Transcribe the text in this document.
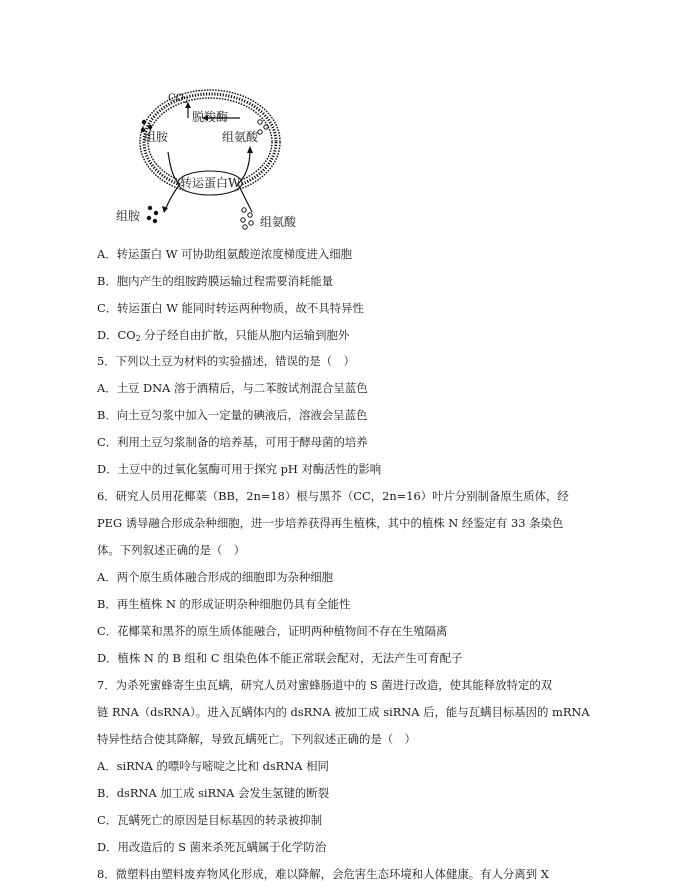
$CO_2$
脱羧酶
组胺	组氨酸
转运蛋白W
组胺	组氨酸
A．转运蛋白 W 可协助组氨酸逆浓度梯度进入细胞
B．胞内产生的组胺跨膜运输过程需要消耗能量
C．转运蛋白 W 能同时转运两种物质，故不具特异性
D．$CO_2$ 分子经自由扩散，只能从胞内运输到胞外
5．下列以土豆为材料的实验描述，错误的是（　）
A．土豆 DNA 溶于酒精后，与二苯胺试剂混合呈蓝色
B．向土豆匀浆中加入一定量的碘液后，溶液会呈蓝色
C．利用土豆匀浆制备的培养基，可用于酵母菌的培养
D．土豆中的过氧化氢酶可用于探究 pH 对酶活性的影响
6．研究人员用花椰菜（BB，2n=18）根与黑芥（CC，2n=16）叶片分别制备原生质体，经
PEG 诱导融合形成杂种细胞，进一步培养获得再生植株，其中的植株 N 经鉴定有 33 条染色
体。下列叙述正确的是（　）
A．两个原生质体融合形成的细胞即为杂种细胞
B．再生植株 N 的形成证明杂种细胞仍具有全能性
C．花椰菜和黑芥的原生质体能融合，证明两种植物间不存在生殖隔离
D．植株 N 的 B 组和 C 组染色体不能正常联会配对，无法产生可育配子
7．为杀死蜜蜂寄生虫瓦螨，研究人员对蜜蜂肠道中的 S 菌进行改造，使其能释放特定的双
链 RNA（dsRNA）。进入瓦螨体内的 dsRNA 被加工成 siRNA 后，能与瓦螨目标基因的 mRNA
特异性结合使其降解，导致瓦螨死亡。下列叙述正确的是（　）
A．siRNA 的嘌呤与嘧啶之比和 dsRNA 相同
B．dsRNA 加工成 siRNA 会发生氢键的断裂
C．瓦螨死亡的原因是目标基因的转录被抑制
D．用改造后的 S 菌来杀死瓦螨属于化学防治
8．微塑料由塑料废弃物风化形成，难以降解，会危害生态环境和人体健康。有人分离到 X
